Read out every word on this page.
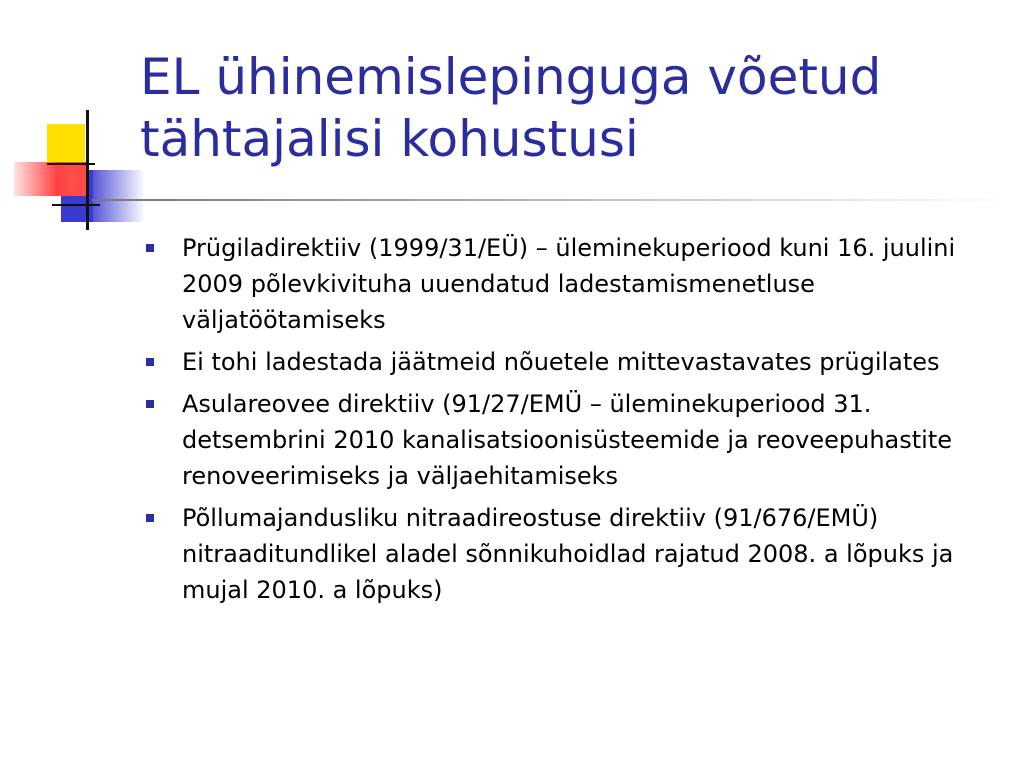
EL ühinemislepinguga võetud
tähtajalisi kohustusi
Prügiladirektiiv (1999/31/EÜ) – üleminekuperiood kuni 16. juulini 2009 põlevkivituha uuendatud ladestamismenetluse väljatöötamiseks
Ei tohi ladestada jäätmeid nõuetele mittevastavates prügilates
Asulareovee direktiiv (91/27/EMÜ – üleminekuperiood 31. detsembrini 2010 kanalisatsioonisüsteemide ja reoveepuhastite renoveerimiseks ja väljaehitamiseks
Põllumajandusliku nitraadireostuse direktiiv (91/676/EMÜ) nitraaditundlikel aladel sõnnikuhoidlad rajatud 2008. a lõpuks ja mujal 2010. a lõpuks)
